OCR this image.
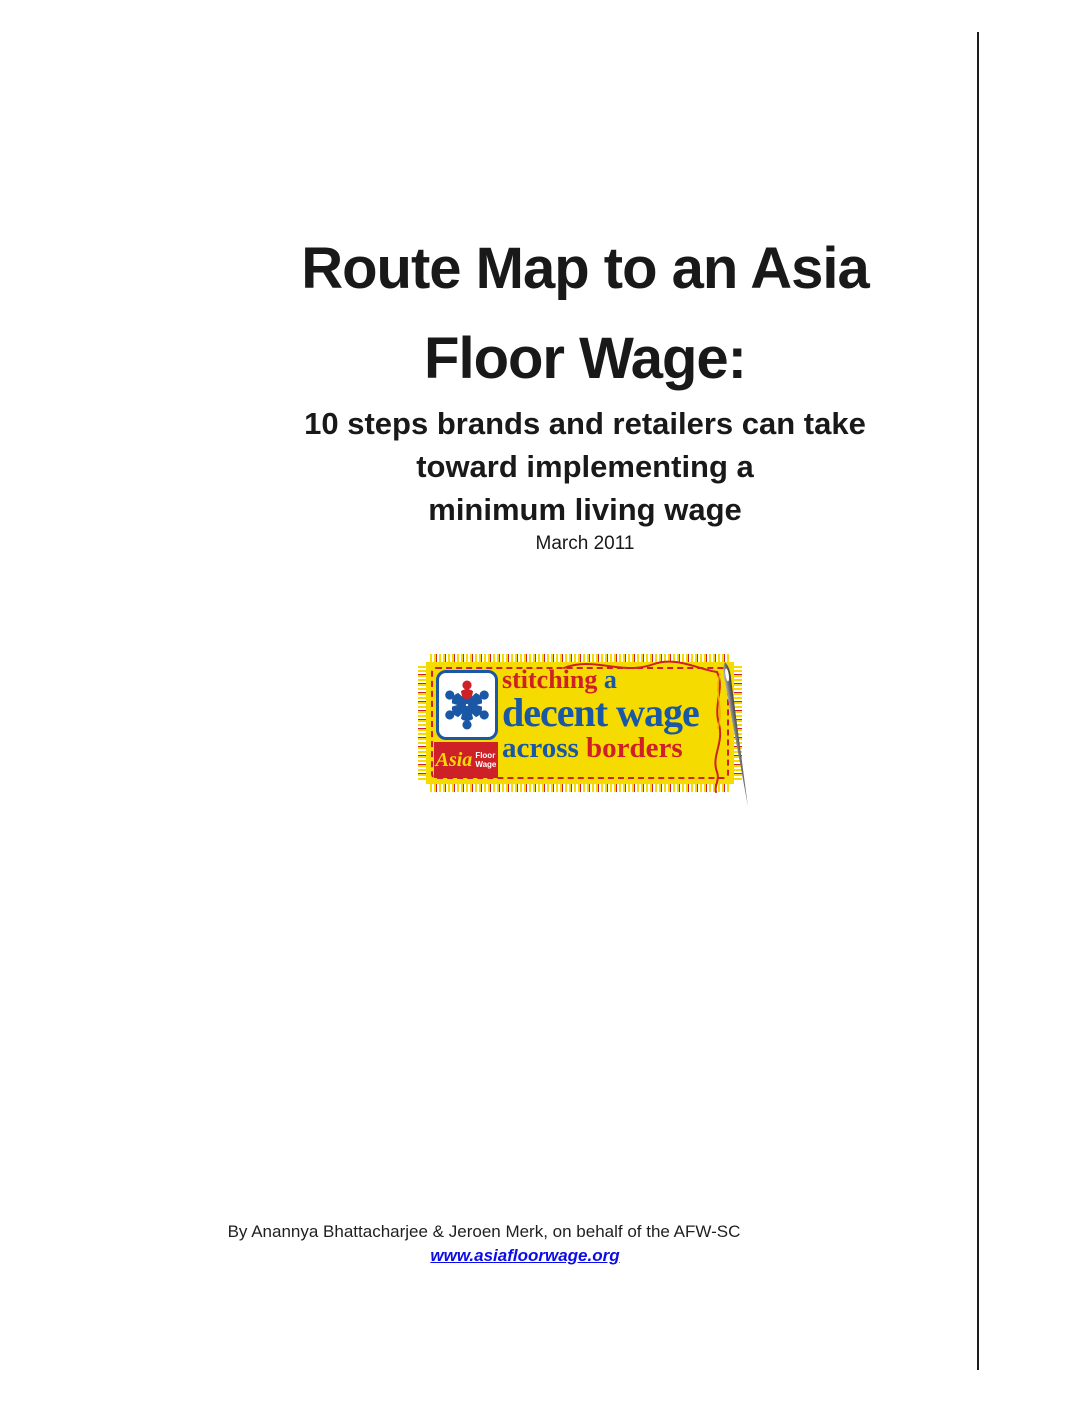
Route Map to an Asia
Floor Wage:
10 steps brands and retailers can take
toward implementing a
minimum living wage
March 2011
Asia Floor
Wage
stitching a
decent wage
across borders
By Anannya Bhattacharjee & Jeroen Merk, on behalf of the AFW-SC
www.asiafloorwage.org
